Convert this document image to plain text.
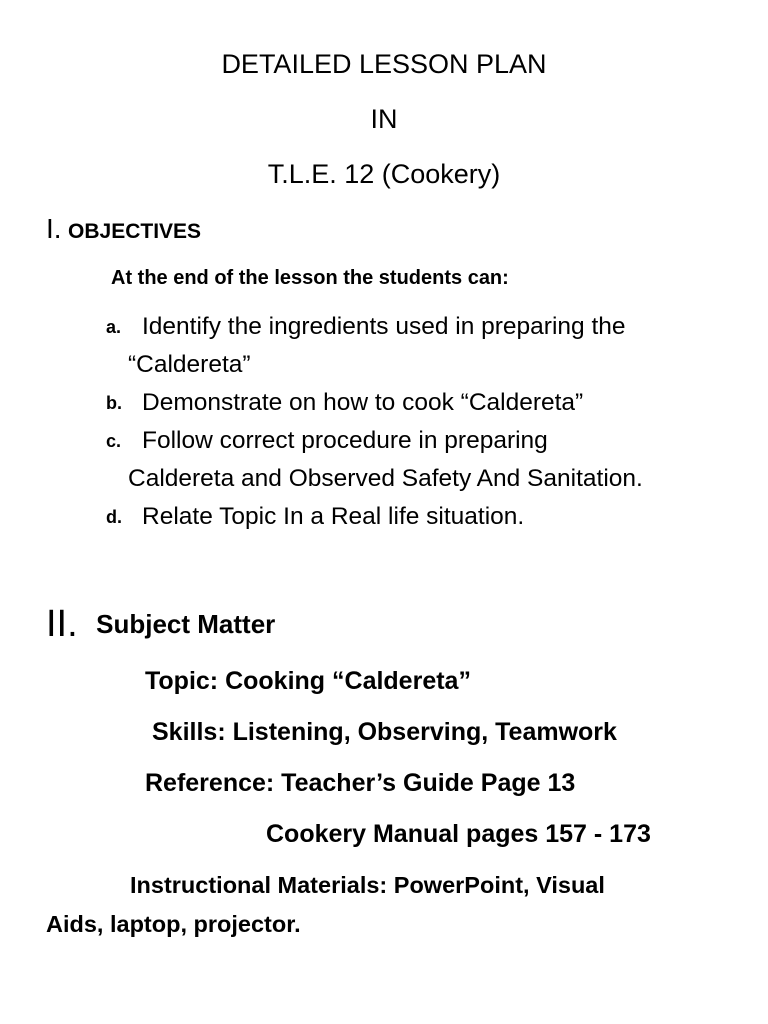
DETAILED LESSON PLAN
IN
T.L.E. 12 (Cookery)
I. OBJECTIVES
At the end of the lesson the students can:
a. Identify the ingredients used in preparing the
“Caldereta”
b. Demonstrate on how to cook “Caldereta”
c. Follow correct procedure in preparing
Caldereta and Observed Safety And Sanitation.
d. Relate Topic In a Real life situation.
II. Subject Matter
Topic: Cooking “Caldereta”
Skills: Listening, Observing, Teamwork
Reference: Teacher’s Guide Page 13
Cookery Manual pages 157 - 173
Instructional Materials: PowerPoint, Visual
Aids, laptop, projector.
